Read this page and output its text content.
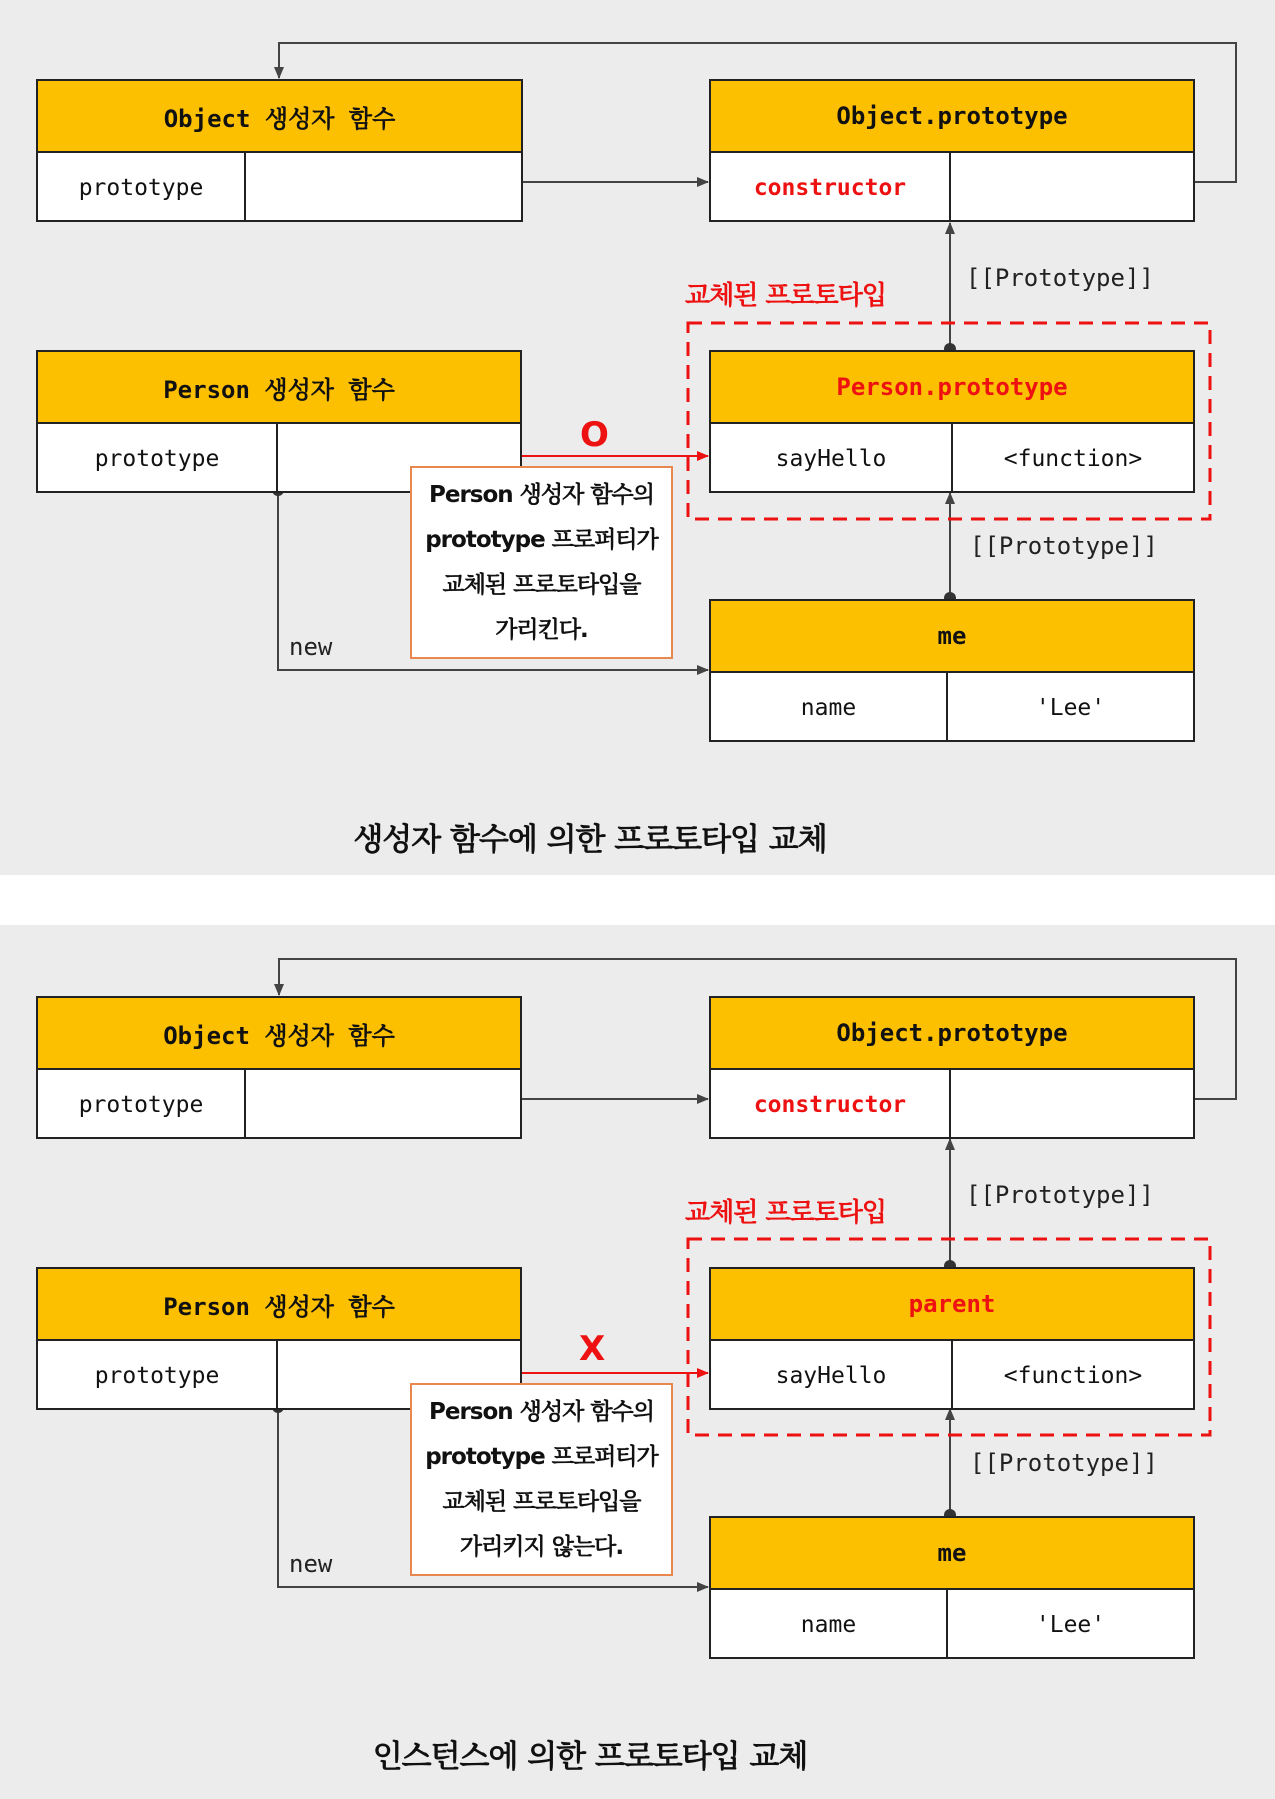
Object 생성자 함수
prototype
Object.prototype
constructor
Person 생성자 함수
prototype
Person.prototype
sayHello	<function>
me
name	'Lee'
교체된 프로토타입
[[Prototype]]
[[Prototype]]
new
O
Person 생성자 함수의
prototype 프로퍼티가
교체된 프로토타입을
가리킨다.
생성자 함수에 의한 프로토타입 교체
Object 생성자 함수
prototype
Object.prototype
constructor
Person 생성자 함수
prototype
parent
sayHello	<function>
me
name	'Lee'
교체된 프로토타입
[[Prototype]]
[[Prototype]]
new
X
Person 생성자 함수의
prototype 프로퍼티가
교체된 프로토타입을
가리키지 않는다.
인스턴스에 의한 프로토타입 교체
